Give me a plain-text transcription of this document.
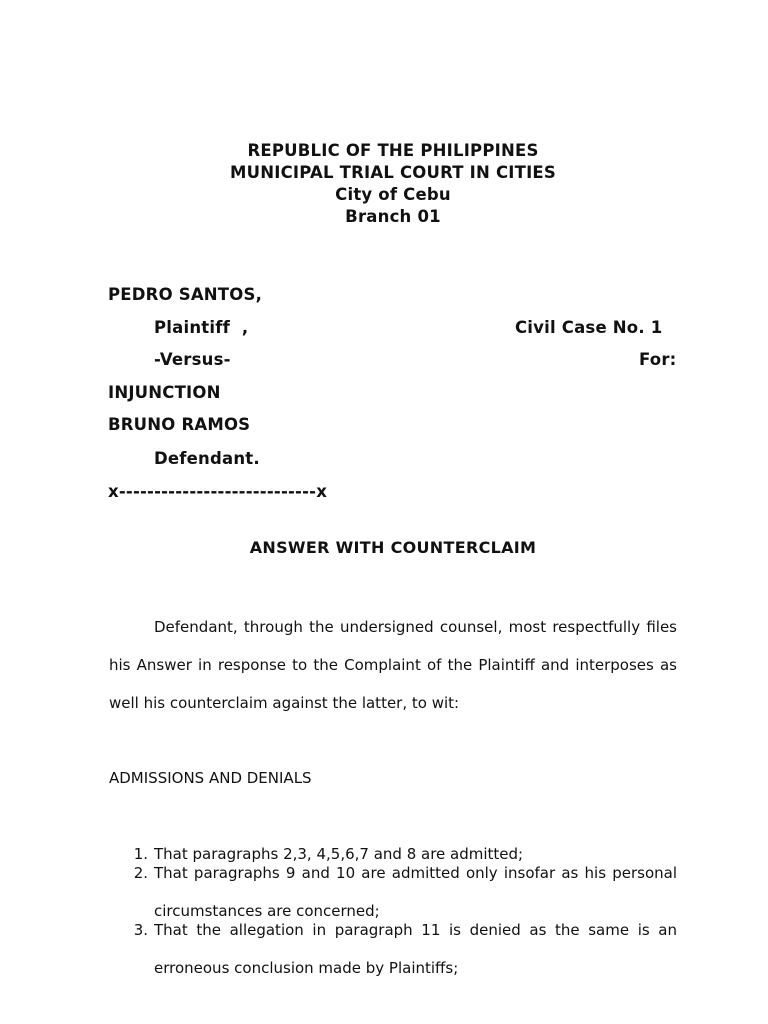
REPUBLIC OF THE PHILIPPINES
MUNICIPAL TRIAL COURT IN CITIES
City of Cebu
Branch 01
PEDRO SANTOS,
Plaintiff  ,	Civil Case No. 1
-Versus-	For:
INJUNCTION
BRUNO RAMOS
Defendant.
x----------------------------x
ANSWER WITH COUNTERCLAIM
Defendant, through the undersigned counsel, most respectfully files
his Answer in response to the Complaint of the Plaintiff and interposes as
well his counterclaim against the latter, to wit:
ADMISSIONS AND DENIALS
1. That paragraphs 2,3, 4,5,6,7 and 8 are admitted;
2. That paragraphs 9 and 10 are admitted only insofar as his personal
circumstances are concerned;
3. That the allegation in paragraph 11 is denied as the same is an
erroneous conclusion made by Plaintiffs;
